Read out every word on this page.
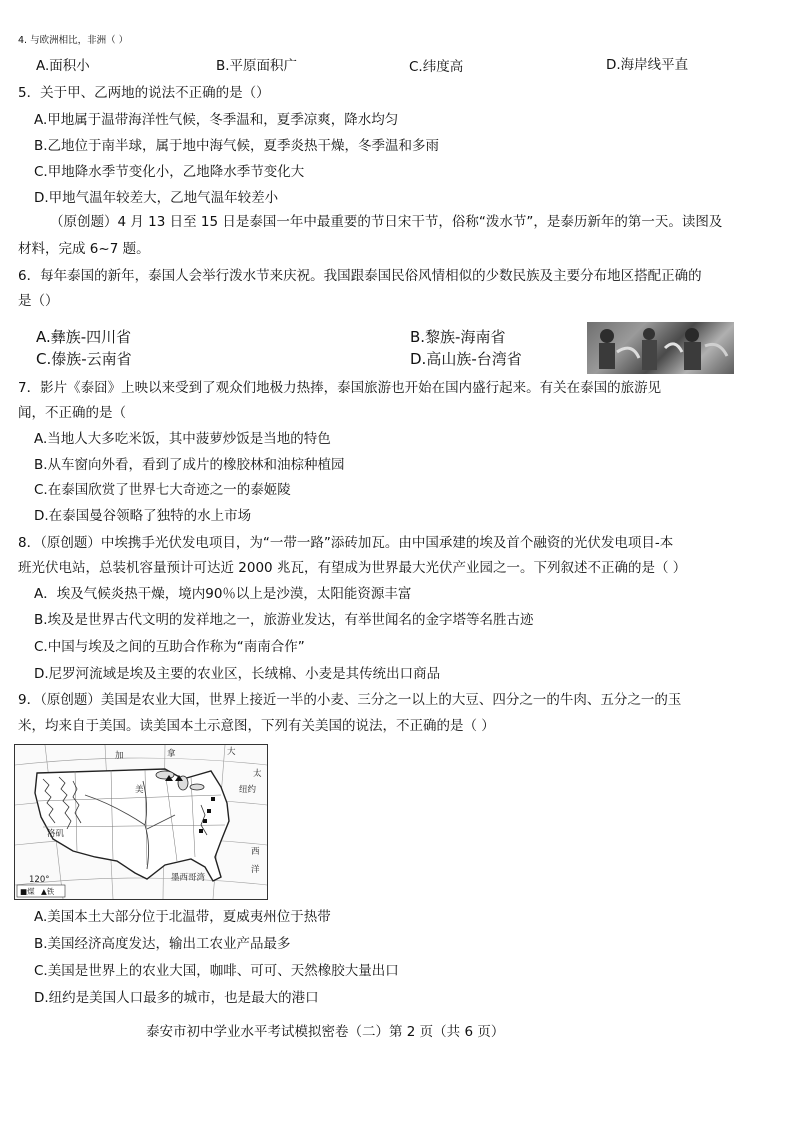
4. 与欧洲相比，非洲（ ）
A.面积小	B.平原面积广	C.纬度高	D.海岸线平直
5．关于甲、乙两地的说法不正确的是（）
A.甲地属于温带海洋性气候，冬季温和，夏季凉爽，降水均匀
B.乙地位于南半球，属于地中海气候，夏季炎热干燥，冬季温和多雨
C.甲地降水季节变化小，乙地降水季节变化大
D.甲地气温年较差大，乙地气温年较差小
（原创题）4 月 13 日至 15 日是泰国一年中最重要的节日宋干节，俗称“泼水节”，是泰历新年的第一天。读图及
材料，完成 6~7 题。
6．每年泰国的新年，泰国人会举行泼水节来庆祝。我国跟泰国民俗风情相似的少数民族及主要分布地区搭配正确的
是（）
A.彝族-四川省	B.黎族-海南省
C.傣族-云南省	D.高山族-台湾省
7．影片《泰囧》上映以来受到了观众们地极力热捧，泰国旅游也开始在国内盛行起来。有关在泰国的旅游见
闻，不正确的是（
A.当地人大多吃米饭，其中菠萝炒饭是当地的特色
B.从车窗向外看，看到了成片的橡胶林和油棕种植园
C.在泰国欣赏了世界七大奇迹之一的泰姬陵
D.在泰国曼谷领略了独特的水上市场
8．（原创题）中埃携手光伏发电项目，为“一带一路”添砖加瓦。由中国承建的埃及首个融资的光伏发电项目-本
班光伏电站，总装机容量预计可达近 2000 兆瓦，有望成为世界最大光伏产业园之一。下列叙述不正确的是（ ）
A．埃及气候炎热干燥，境内90％以上是沙漠，太阳能资源丰富
B.埃及是世界古代文明的发祥地之一，旅游业发达，有举世闻名的金字塔等名胜古迹
C.中国与埃及之间的互助合作称为“南南合作”
D.尼罗河流域是埃及主要的农业区，长绒棉、小麦是其传统出口商品
9．（原创题）美国是农业大国，世界上接近一半的小麦、三分之一以上的大豆、四分之一的牛肉、五分之一的玉
米，均来自于美国。读美国本土示意图，下列有关美国的说法，不正确的是（ ）
加	拿	大
美
太
纽约
洛矶
西
洋
墨西哥湾
120°
■煤 ▲铁
A.美国本土大部分位于北温带，夏威夷州位于热带
B.美国经济高度发达，输出工农业产品最多
C.美国是世界上的农业大国，咖啡、可可、天然橡胶大量出口
D.纽约是美国人口最多的城市，也是最大的港口
泰安市初中学业水平考试模拟密卷（二）第 2 页（共 6 页）
